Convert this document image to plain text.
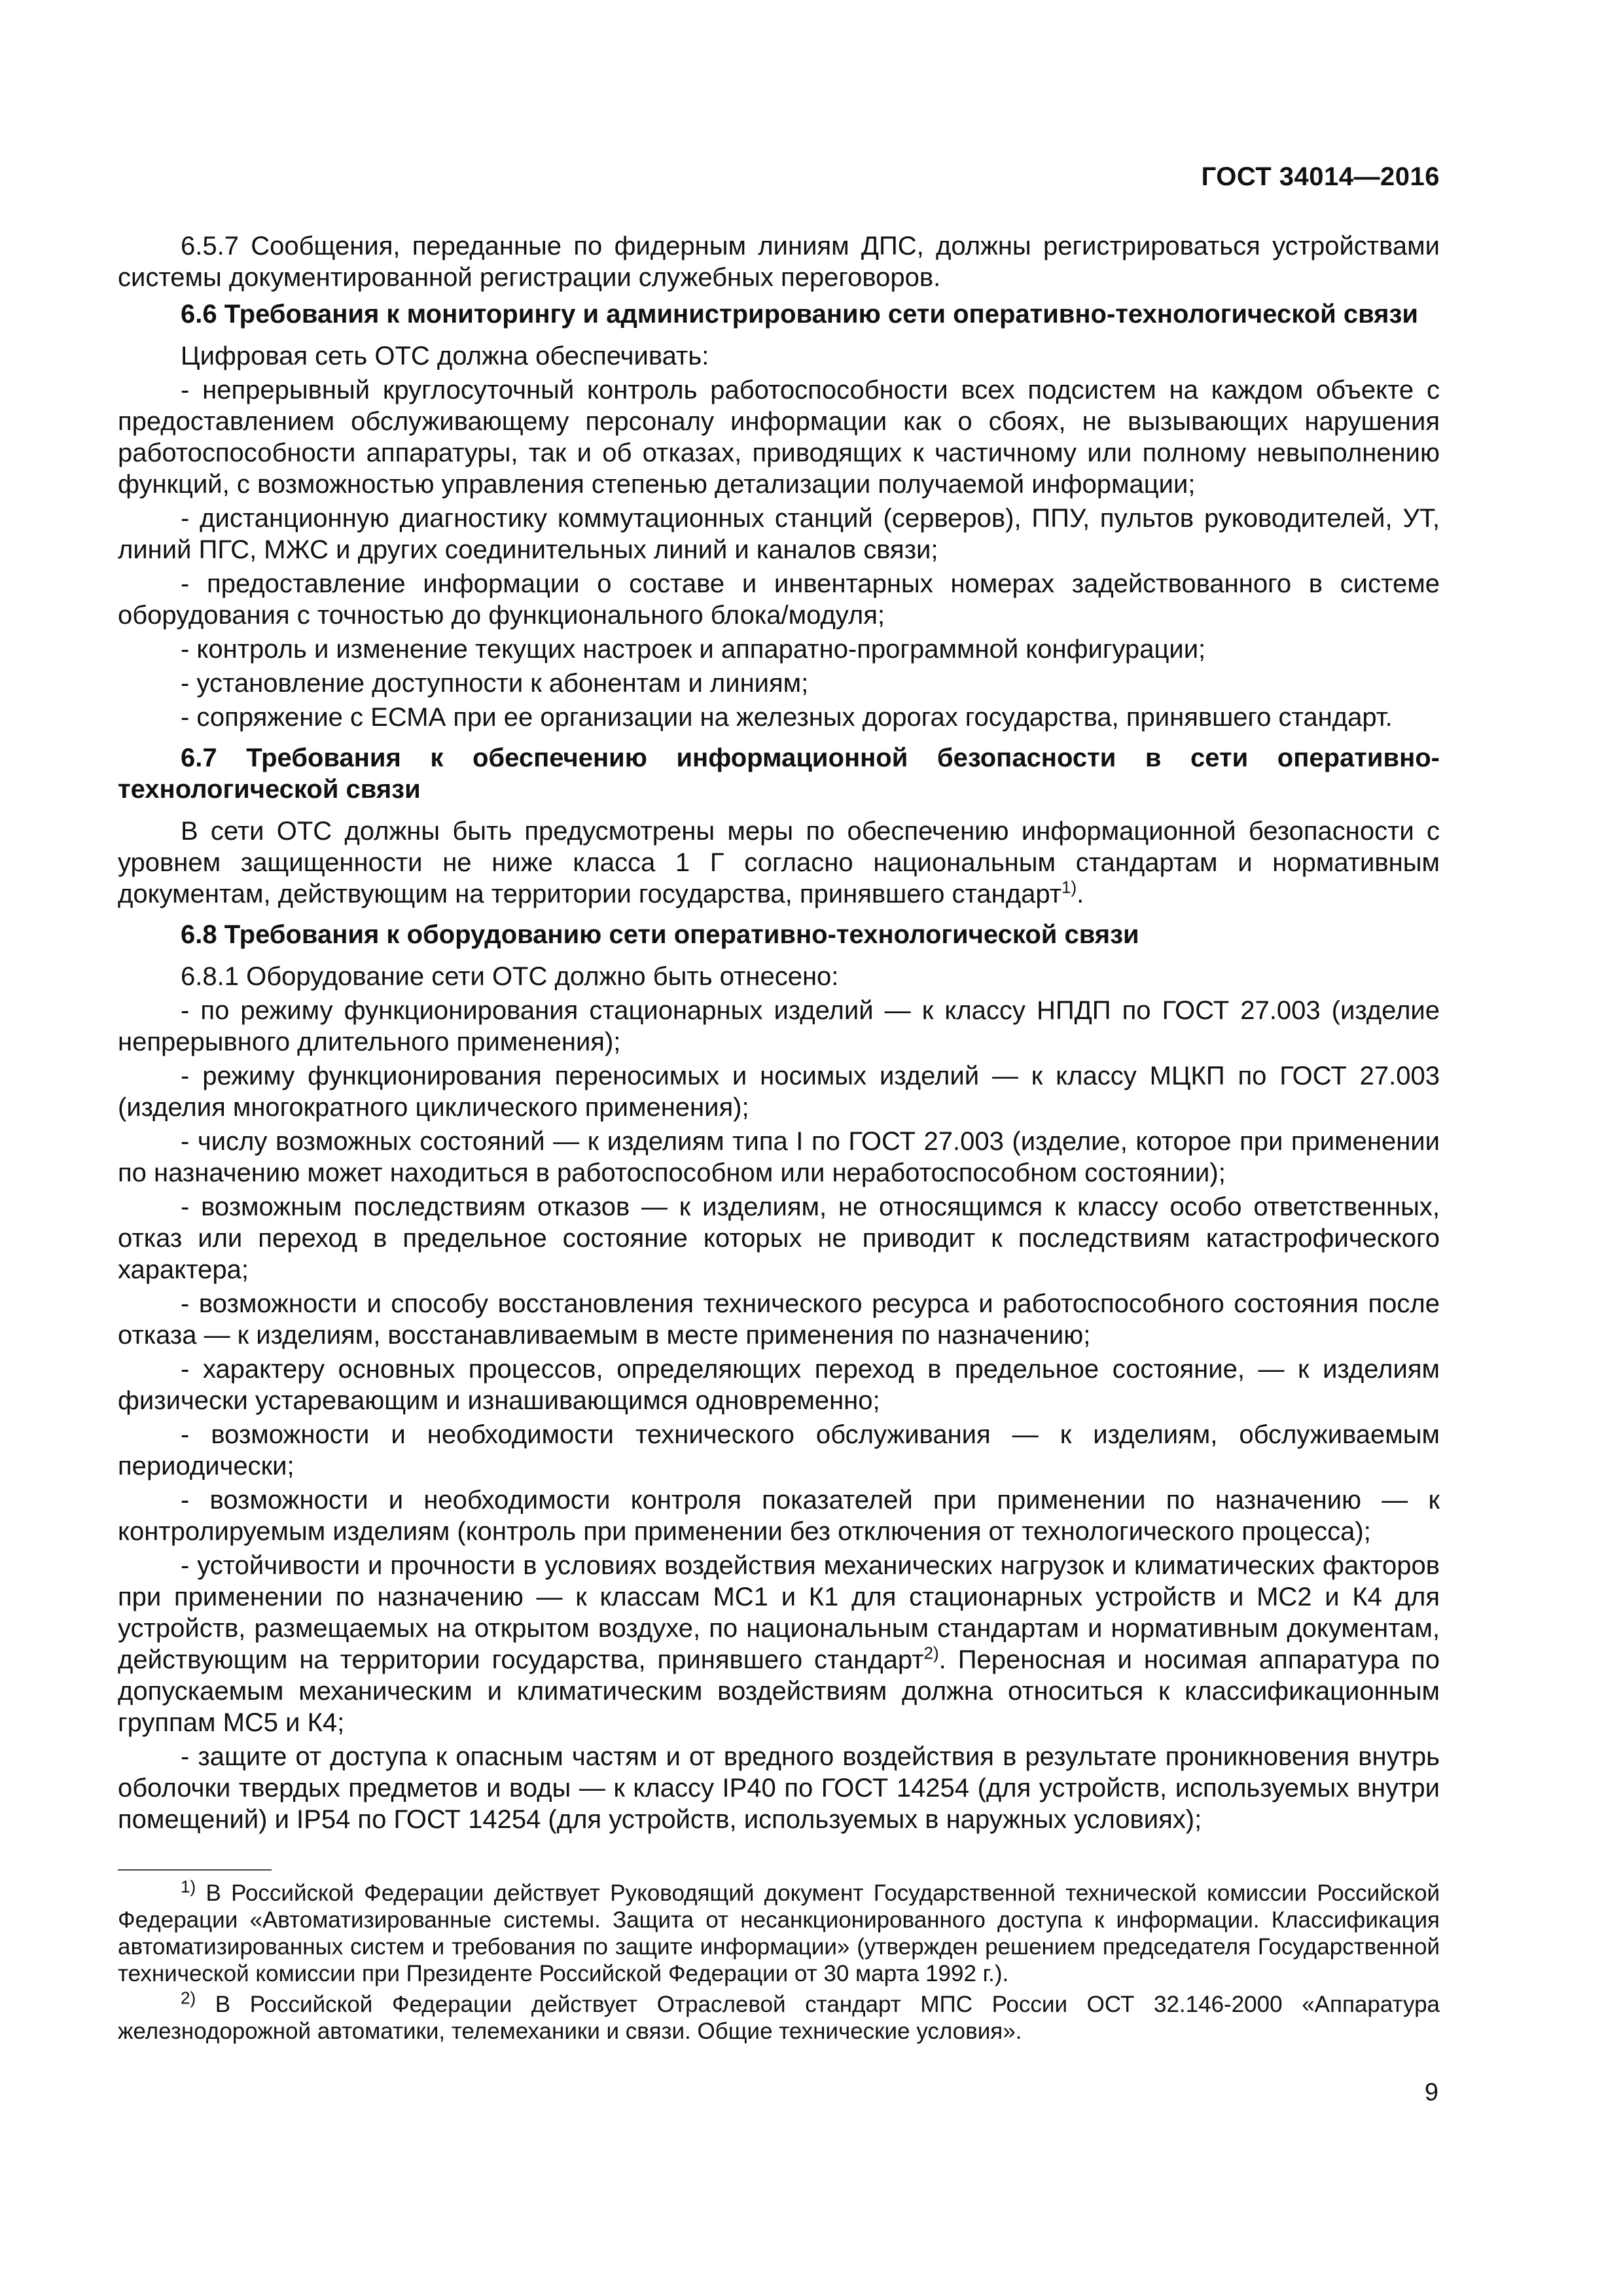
ГОСТ 34014—2016

6.5.7 Сообщения, переданные по фидерным линиям ДПС, должны регистрироваться устройствами системы документированной регистрации служебных переговоров.

6.6 Требования к мониторингу и администрированию сети оперативно-технологической связи

Цифровая сеть ОТС должна обеспечивать:

- непрерывный круглосуточный контроль работоспособности всех подсистем на каждом объекте с предоставлением обслуживающему персоналу информации как о сбоях, не вызывающих нарушения работоспособности аппаратуры, так и об отказах, приводящих к частичному или полному невыполнению функций, с возможностью управления степенью детализации получаемой информации;

- дистанционную диагностику коммутационных станций (серверов), ППУ, пультов руководителей, УТ, линий ПГС, МЖС и других соединительных линий и каналов связи;

- предоставление информации о составе и инвентарных номерах задействованного в системе оборудования с точностью до функционального блока/модуля;

- контроль и изменение текущих настроек и аппаратно-программной конфигурации;

- установление доступности к абонентам и линиям;

- сопряжение с ЕСМА при ее организации на железных дорогах государства, принявшего стандарт.

6.7 Требования к обеспечению информационной безопасности в сети оперативно-технологической связи

В сети ОТС должны быть предусмотрены меры по обеспечению информационной безопасности с уровнем защищенности не ниже класса 1 Г согласно национальным стандартам и нормативным документам, действующим на территории государства, принявшего стандарт$^{1)}$.

6.8 Требования к оборудованию сети оперативно-технологической связи

6.8.1 Оборудование сети ОТС должно быть отнесено:

- по режиму функционирования стационарных изделий — к классу НПДП по ГОСТ 27.003 (изделие непрерывного длительного применения);

- режиму функционирования переносимых и носимых изделий — к классу МЦКП по ГОСТ 27.003 (изделия многократного циклического применения);

- числу возможных состояний — к изделиям типа I по ГОСТ 27.003 (изделие, которое при применении по назначению может находиться в работоспособном или неработоспособном состоянии);

- возможным последствиям отказов — к изделиям, не относящимся к классу особо ответственных, отказ или переход в предельное состояние которых не приводит к последствиям катастрофического характера;

- возможности и способу восстановления технического ресурса и работоспособного состояния после отказа — к изделиям, восстанавливаемым в месте применения по назначению;

- характеру основных процессов, определяющих переход в предельное состояние, — к изделиям физически устаревающим и изнашивающимся одновременно;

- возможности и необходимости технического обслуживания — к изделиям, обслуживаемым периодически;

- возможности и необходимости контроля показателей при применении по назначению — к контролируемым изделиям (контроль при применении без отключения от технологического процесса);

- устойчивости и прочности в условиях воздействия механических нагрузок и климатических факторов при применении по назначению — к классам МС1 и К1 для стационарных устройств и МС2 и К4 для устройств, размещаемых на открытом воздухе, по национальным стандартам и нормативным документам, действующим на территории государства, принявшего стандарт$^{2)}$. Переносная и носимая аппаратура по допускаемым механическим и климатическим воздействиям должна относиться к классификационным группам МС5 и К4;

- защите от доступа к опасным частям и от вредного воздействия в результате проникновения внутрь оболочки твердых предметов и воды — к классу IP40 по ГОСТ 14254 (для устройств, используемых внутри помещений) и IP54 по ГОСТ 14254 (для устройств, используемых в наружных условиях);

$^{1)}$ В Российской Федерации действует Руководящий документ Государственной технической комиссии Российской Федерации «Автоматизированные системы. Защита от несанкционированного доступа к информации. Классификация автоматизированных систем и требования по защите информации» (утвержден решением председателя Государственной технической комиссии при Президенте Российской Федерации от 30 марта 1992 г.).

$^{2)}$ В Российской Федерации действует Отраслевой стандарт МПС России ОСТ 32.146-2000 «Аппаратура железнодорожной автоматики, телемеханики и связи. Общие технические условия».

9
